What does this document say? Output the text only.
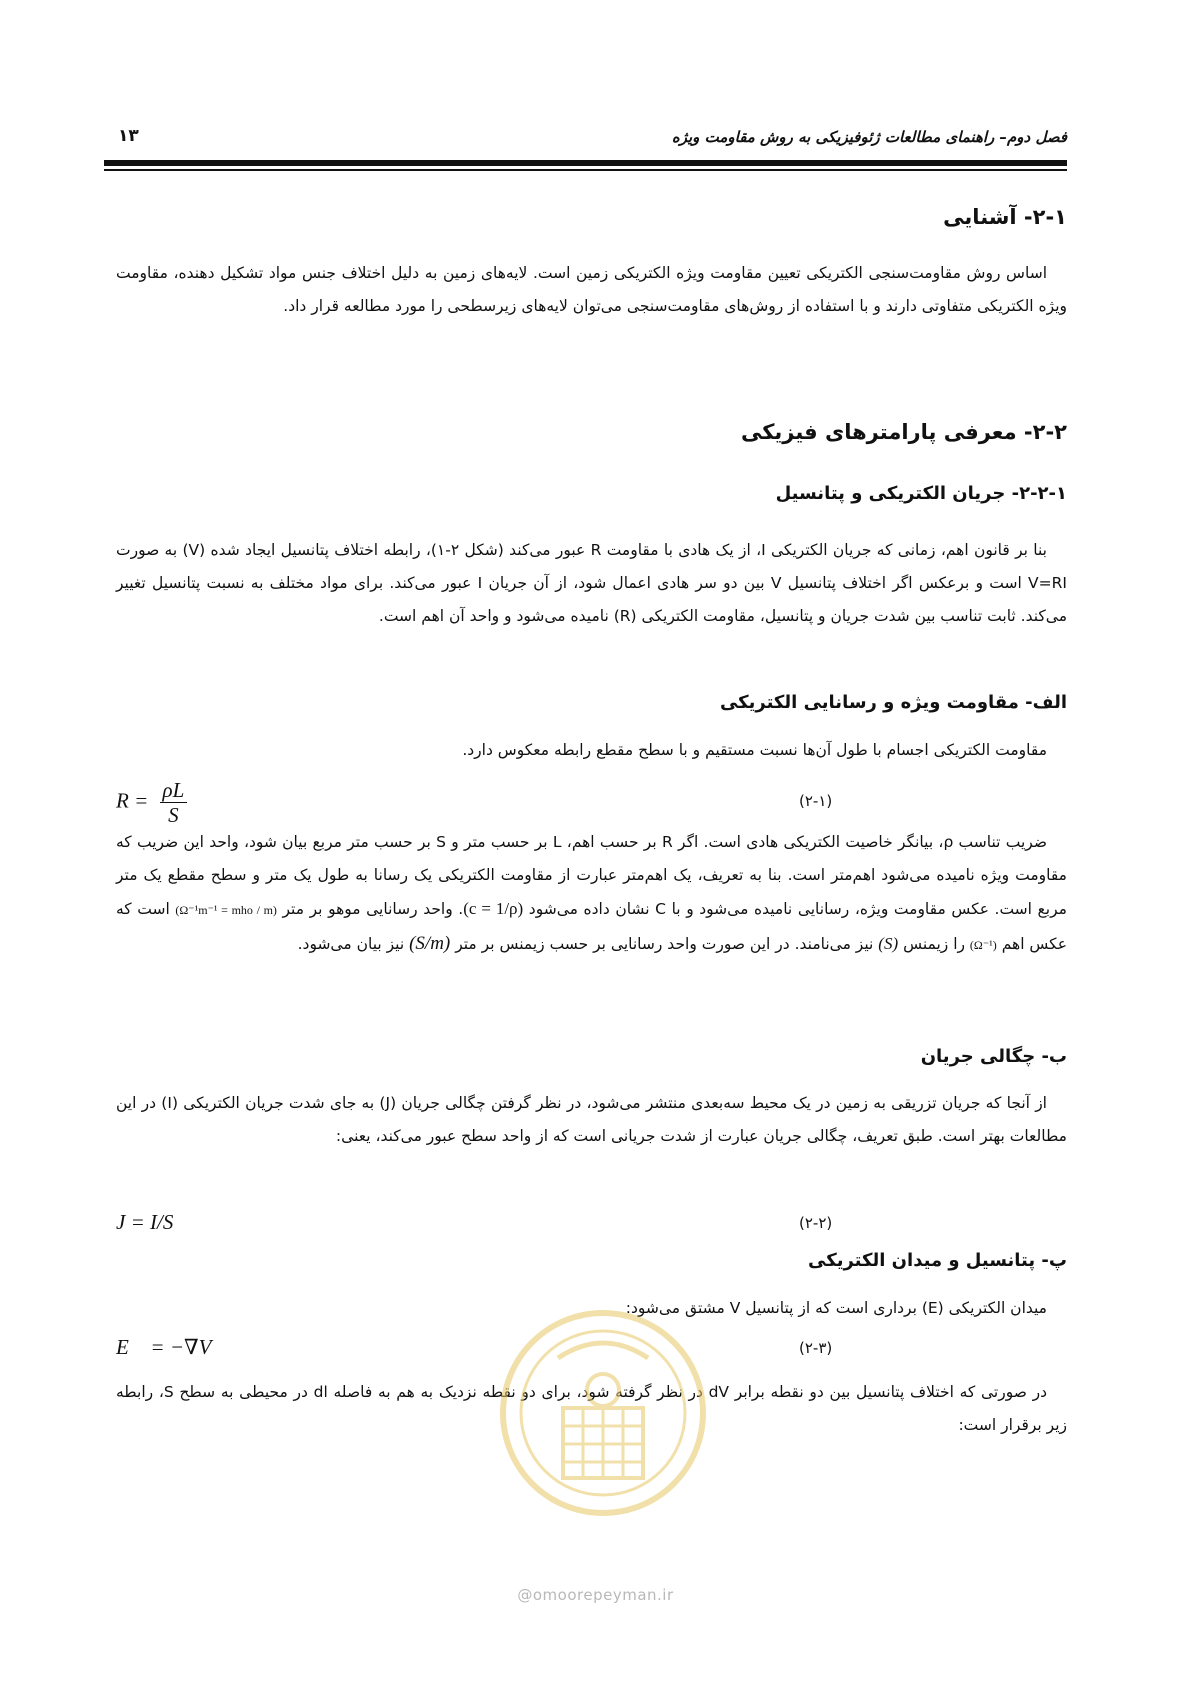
فصل دوم– راهنمای مطالعات ژئوفیزیکی به روش مقاومت ویژه
۱۳
۲-۱- آشنایی
اساس روش مقاومت‌سنجی الکتریکی تعیین مقاومت ویژه الکتریکی زمین است. لایه‌های زمین به دلیل اختلاف جنس مواد تشکیل دهنده، مقاومت ویژه الکتریکی متفاوتی دارند و با استفاده از روش‌های مقاومت‌سنجی می‌توان لایه‌های زیرسطحی را مورد مطالعه قرار داد.
۲-۲- معرفی پارامترهای فیزیکی
۲-۲-۱- جریان الکتریکی و پتانسیل
بنا بر قانون اهم، زمانی که جریان الکتریکی I، از یک هادی با مقاومت R عبور می‌کند (شکل ۲-۱)، رابطه اختلاف پتانسیل ایجاد شده (V) به صورت V=RI است و برعکس اگر اختلاف پتانسیل V بین دو سر هادی اعمال شود، از آن جریان I عبور می‌کند. برای مواد مختلف به نسبت پتانسیل تغییر می‌کند. ثابت تناسب بین شدت جریان و پتانسیل، مقاومت الکتریکی (R) نامیده می‌شود و واحد آن اهم است.
الف- مقاومت ویژه و رسانایی الکتریکی
مقاومت الکتریکی اجسام با طول آن‌ها نسبت مستقیم و با سطح مقطع رابطه معکوس دارد.
$R = \frac{\rho L}{S}$	(۲-۱)
ضریب تناسب ρ، بیانگر خاصیت الکتریکی هادی است. اگر R بر حسب اهم، L بر حسب متر و S بر حسب متر مربع بیان شود، واحد این ضریب که مقاومت ویژه نامیده می‌شود اهم‌متر است. بنا به تعریف، یک اهم‌متر عبارت از مقاومت الکتریکی یک رسانا به طول یک متر و سطح مقطع یک متر مربع است. عکس مقاومت ویژه، رسانایی نامیده می‌شود و با C نشان داده می‌شود (c = 1/ρ). واحد رسانایی موهو بر متر (Ω⁻¹m⁻¹ = mho / m) است که عکس اهم (Ω⁻¹) را زیمنس (S) نیز می‌نامند. در این صورت واحد رسانایی بر حسب زیمنس بر متر (S/m) نیز بیان می‌شود.
ب- چگالی جریان
از آنجا که جریان تزریقی به زمین در یک محیط سه‌بعدی منتشر می‌شود، در نظر گرفتن چگالی جریان (J) به جای شدت جریان الکتریکی (I) در این مطالعات بهتر است. طبق تعریف، چگالی جریان عبارت از شدت جریانی است که از واحد سطح عبور می‌کند، یعنی:
J = I/S	(۲-۲)
پ- پتانسیل و میدان الکتریکی
میدان الکتریکی (E) برداری است که از پتانسیل V مشتق می‌شود:
E⃗ = −∇V	(۲-۳)
در صورتی که اختلاف پتانسیل بین دو نقطه برابر dV در نظر گرفته شود، برای دو نقطه نزدیک به هم به فاصله dl در محیطی به سطح S، رابطه زیر برقرار است:
@omoorepeyman.ir
